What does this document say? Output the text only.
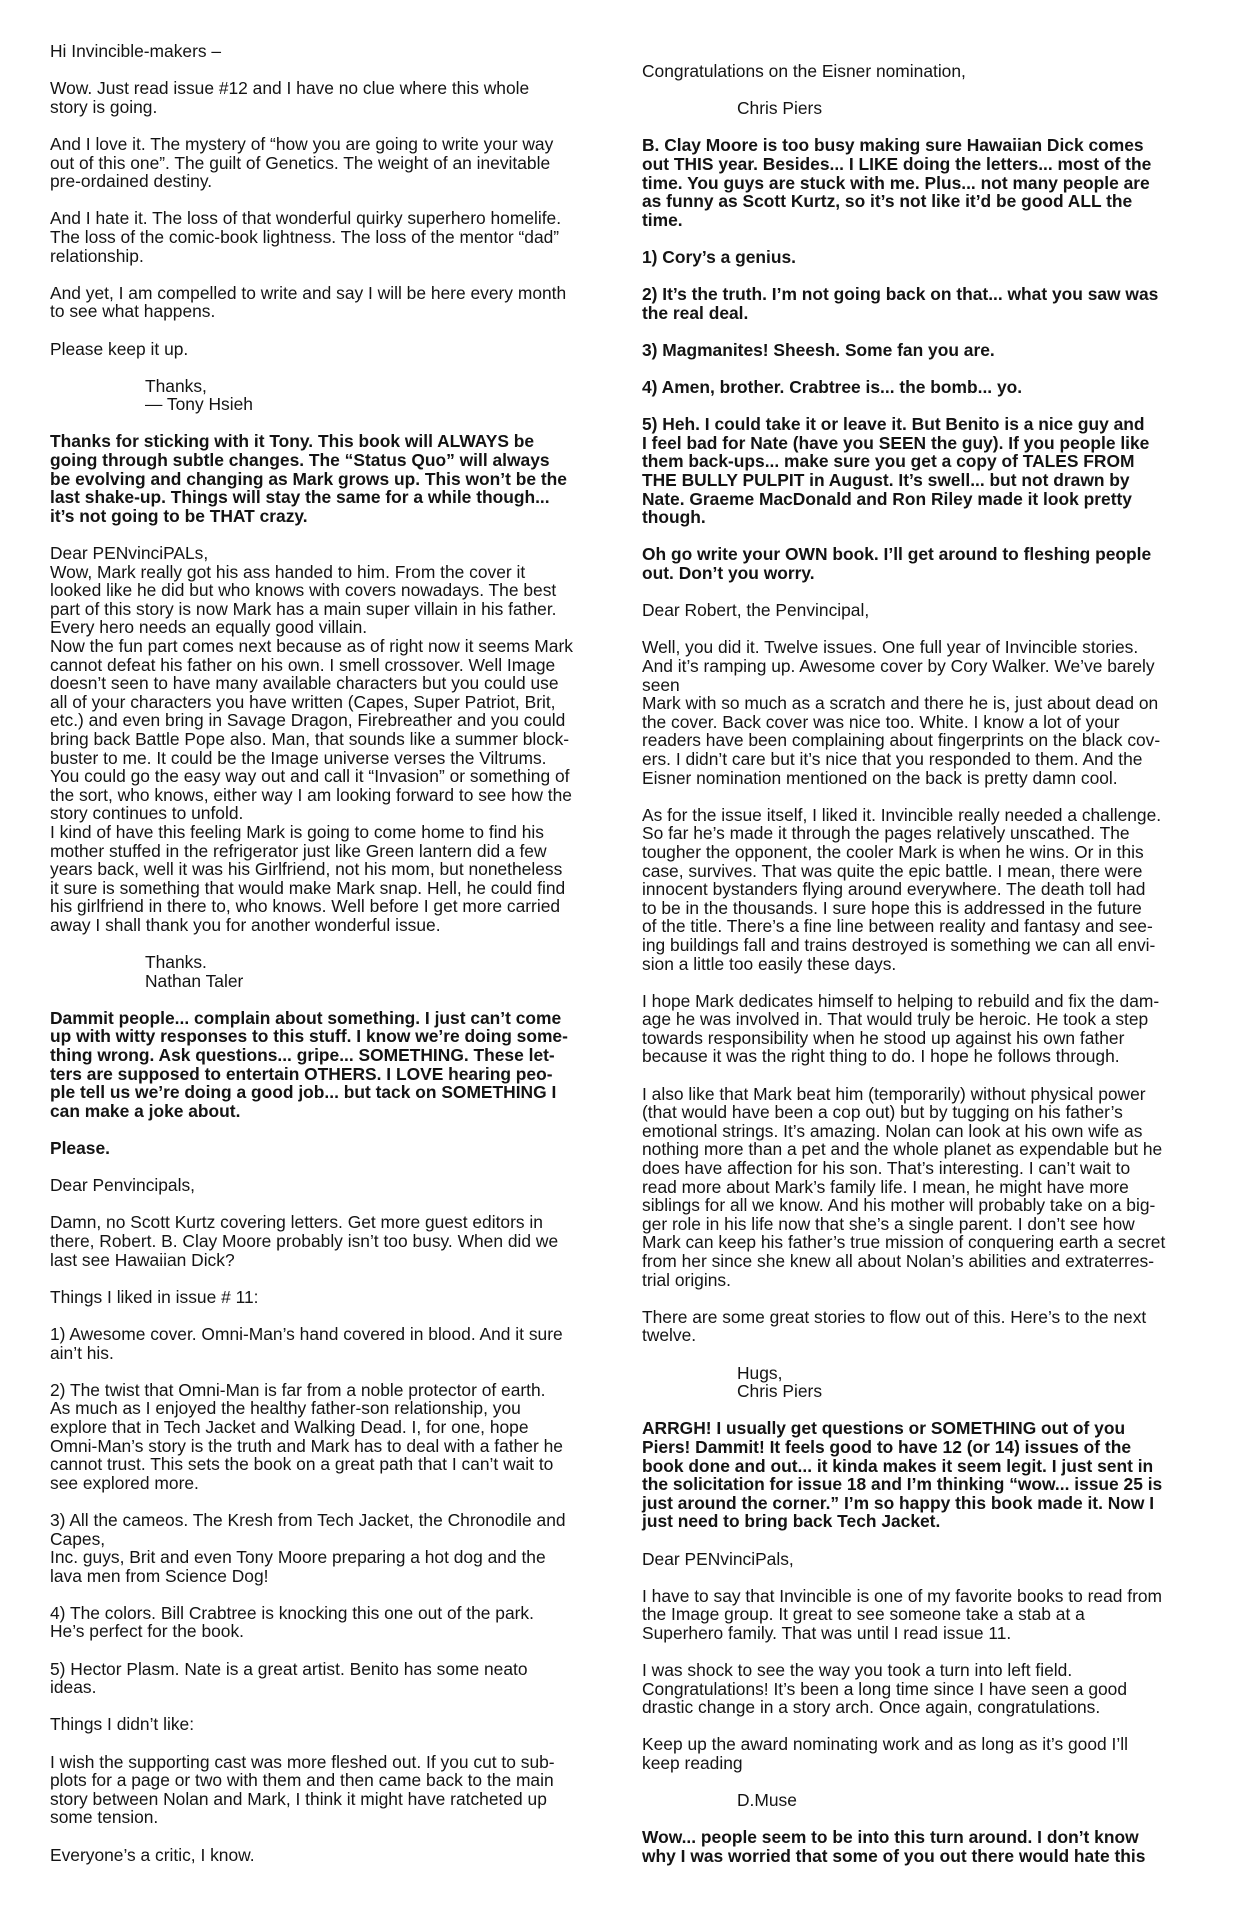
Hi Invincible-makers –

Wow. Just read issue #12 and I have no clue where this whole
story is going.

And I love it. The mystery of “how you are going to write your way
out of this one”. The guilt of Genetics. The weight of an inevitable
pre-ordained destiny.

And I hate it. The loss of that wonderful quirky superhero homelife.
The loss of the comic-book lightness. The loss of the mentor “dad”
relationship.

And yet, I am compelled to write and say I will be here every month
to see what happens.

Please keep it up.

Thanks,
— Tony Hsieh

Thanks for sticking with it Tony. This book will ALWAYS be
going through subtle changes. The “Status Quo” will always
be evolving and changing as Mark grows up. This won’t be the
last shake-up. Things will stay the same for a while though...
it’s not going to be THAT crazy.

Dear PENvinciPALs,
Wow, Mark really got his ass handed to him. From the cover it
looked like he did but who knows with covers nowadays. The best
part of this story is now Mark has a main super villain in his father.
Every hero needs an equally good villain.
Now the fun part comes next because as of right now it seems Mark
cannot defeat his father on his own. I smell crossover. Well Image
doesn’t seen to have many available characters but you could use
all of your characters you have written (Capes, Super Patriot, Brit,
etc.) and even bring in Savage Dragon, Firebreather and you could
bring back Battle Pope also. Man, that sounds like a summer block-
buster to me. It could be the Image universe verses the Viltrums.
You could go the easy way out and call it “Invasion” or something of
the sort, who knows, either way I am looking forward to see how the
story continues to unfold.
I kind of have this feeling Mark is going to come home to find his
mother stuffed in the refrigerator just like Green lantern did a few
years back, well it was his Girlfriend, not his mom, but nonetheless
it sure is something that would make Mark snap. Hell, he could find
his girlfriend in there to, who knows. Well before I get more carried
away I shall thank you for another wonderful issue.

Thanks.
Nathan Taler

Dammit people... complain about something. I just can’t come
up with witty responses to this stuff. I know we’re doing some-
thing wrong. Ask questions... gripe... SOMETHING. These let-
ters are supposed to entertain OTHERS. I LOVE hearing peo-
ple tell us we’re doing a good job... but tack on SOMETHING I
can make a joke about.

Please.

Dear Penvincipals,

Damn, no Scott Kurtz covering letters. Get more guest editors in
there, Robert. B. Clay Moore probably isn’t too busy. When did we
last see Hawaiian Dick?

Things I liked in issue # 11:

1) Awesome cover. Omni-Man’s hand covered in blood. And it sure
ain’t his.

2) The twist that Omni-Man is far from a noble protector of earth.
As much as I enjoyed the healthy father-son relationship, you
explore that in Tech Jacket and Walking Dead. I, for one, hope
Omni-Man’s story is the truth and Mark has to deal with a father he
cannot trust. This sets the book on a great path that I can’t wait to
see explored more.

3) All the cameos. The Kresh from Tech Jacket, the Chronodile and
Capes,
Inc. guys, Brit and even Tony Moore preparing a hot dog and the
lava men from Science Dog!

4) The colors. Bill Crabtree is knocking this one out of the park.
He’s perfect for the book.

5) Hector Plasm. Nate is a great artist. Benito has some neato
ideas.

Things I didn’t like:

I wish the supporting cast was more fleshed out. If you cut to sub-
plots for a page or two with them and then came back to the main
story between Nolan and Mark, I think it might have ratcheted up
some tension.

Everyone’s a critic, I know.

Congratulations on the Eisner nomination,

Chris Piers

B. Clay Moore is too busy making sure Hawaiian Dick comes
out THIS year. Besides... I LIKE doing the letters... most of the
time. You guys are stuck with me. Plus... not many people are
as funny as Scott Kurtz, so it’s not like it’d be good ALL the
time.

1) Cory’s a genius.

2) It’s the truth. I’m not going back on that... what you saw was
the real deal.

3) Magmanites! Sheesh. Some fan you are.

4) Amen, brother. Crabtree is... the bomb... yo.

5) Heh. I could take it or leave it. But Benito is a nice guy and
I feel bad for Nate (have you SEEN the guy). If you people like
them back-ups... make sure you get a copy of TALES FROM
THE BULLY PULPIT in August. It’s swell... but not drawn by
Nate. Graeme MacDonald and Ron Riley made it look pretty
though.

Oh go write your OWN book. I’ll get around to fleshing people
out. Don’t you worry.

Dear Robert, the Penvincipal,

Well, you did it. Twelve issues. One full year of Invincible stories.
And it’s ramping up. Awesome cover by Cory Walker. We’ve barely
seen
Mark with so much as a scratch and there he is, just about dead on
the cover. Back cover was nice too. White. I know a lot of your
readers have been complaining about fingerprints on the black cov-
ers. I didn’t care but it’s nice that you responded to them. And the
Eisner nomination mentioned on the back is pretty damn cool.

As for the issue itself, I liked it. Invincible really needed a challenge.
So far he’s made it through the pages relatively unscathed. The
tougher the opponent, the cooler Mark is when he wins. Or in this
case, survives. That was quite the epic battle. I mean, there were
innocent bystanders flying around everywhere. The death toll had
to be in the thousands. I sure hope this is addressed in the future
of the title. There’s a fine line between reality and fantasy and see-
ing buildings fall and trains destroyed is something we can all envi-
sion a little too easily these days.

I hope Mark dedicates himself to helping to rebuild and fix the dam-
age he was involved in. That would truly be heroic. He took a step
towards responsibility when he stood up against his own father
because it was the right thing to do. I hope he follows through.

I also like that Mark beat him (temporarily) without physical power
(that would have been a cop out) but by tugging on his father’s
emotional strings. It’s amazing. Nolan can look at his own wife as
nothing more than a pet and the whole planet as expendable but he
does have affection for his son. That’s interesting. I can’t wait to
read more about Mark’s family life. I mean, he might have more
siblings for all we know. And his mother will probably take on a big-
ger role in his life now that she’s a single parent. I don’t see how
Mark can keep his father’s true mission of conquering earth a secret
from her since she knew all about Nolan’s abilities and extraterres-
trial origins.

There are some great stories to flow out of this. Here’s to the next
twelve.

Hugs,
Chris Piers

ARRGH! I usually get questions or SOMETHING out of you
Piers! Dammit! It feels good to have 12 (or 14) issues of the
book done and out... it kinda makes it seem legit. I just sent in
the solicitation for issue 18 and I’m thinking “wow... issue 25 is
just around the corner.” I’m so happy this book made it. Now I
just need to bring back Tech Jacket.

Dear PENvinciPals,

I have to say that Invincible is one of my favorite books to read from
the Image group. It great to see someone take a stab at a
Superhero family. That was until I read issue 11.

I was shock to see the way you took a turn into left field.
Congratulations! It’s been a long time since I have seen a good
drastic change in a story arch. Once again, congratulations.

Keep up the award nominating work and as long as it’s good I’ll
keep reading

D.Muse

Wow... people seem to be into this turn around. I don’t know
why I was worried that some of you out there would hate this
